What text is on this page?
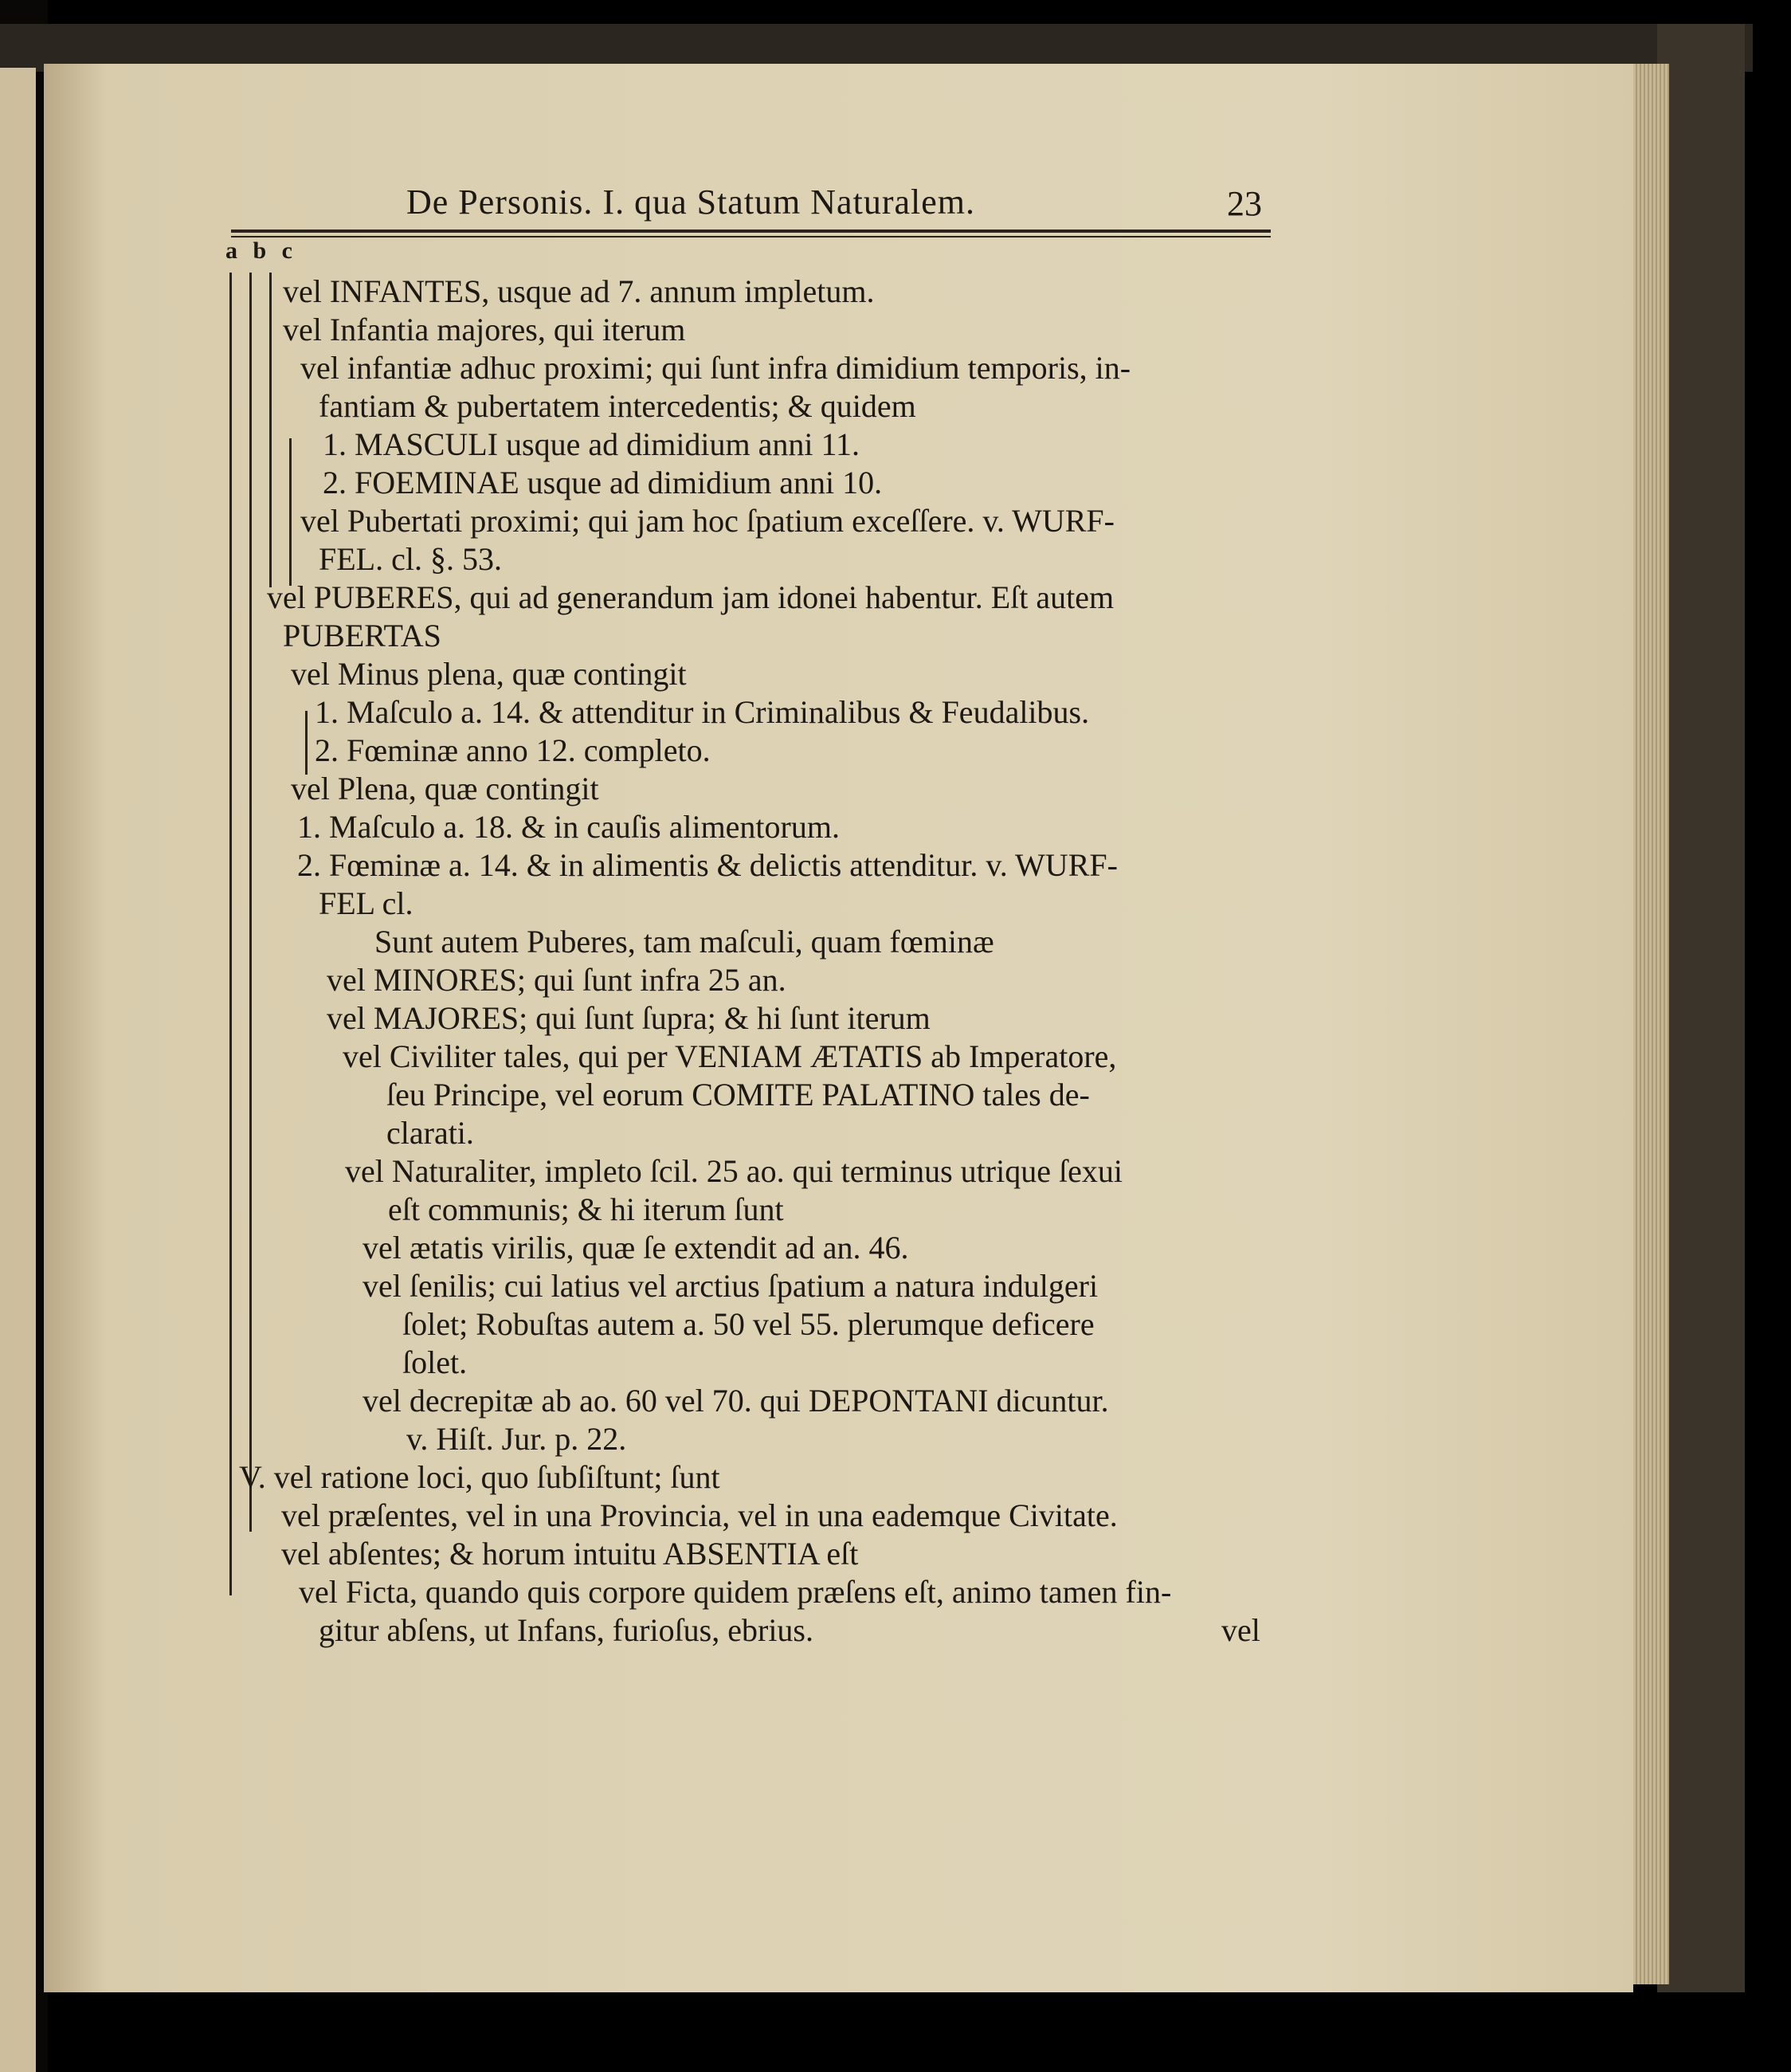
De Personis. I. qua Statum Naturalem.	23
a b c
vel INFANTES, usque ad 7. annum impletum.
vel Infantia majores, qui iterum
vel infantiæ adhuc proximi; qui ſunt infra dimidium temporis, in-
fantiam & pubertatem intercedentis; & quidem
1. MASCULI usque ad dimidium anni 11.
2. FOEMINAE usque ad dimidium anni 10.
vel Pubertati proximi; qui jam hoc ſpatium exceſſere. v. WURF-
FEL. cl. §. 53.
vel PUBERES, qui ad generandum jam idonei habentur. Eſt autem
PUBERTAS
vel Minus plena, quæ contingit
1. Maſculo a. 14. & attenditur in Criminalibus & Feudalibus.
2. Fœminæ anno 12. completo.
vel Plena, quæ contingit
1. Maſculo a. 18. & in cauſis alimentorum.
2. Fœminæ a. 14. & in alimentis & delictis attenditur. v. WURF-
FEL cl.
Sunt autem Puberes, tam maſculi, quam fœminæ
vel MINORES; qui ſunt infra 25 an.
vel MAJORES; qui ſunt ſupra; & hi ſunt iterum
vel Civiliter tales, qui per VENIAM ÆTATIS ab Imperatore,
ſeu Principe, vel eorum COMITE PALATINO tales de-
clarati.
vel Naturaliter, impleto ſcil. 25 ao. qui terminus utrique ſexui
eſt communis; & hi iterum ſunt
vel ætatis virilis, quæ ſe extendit ad an. 46.
vel ſenilis; cui latius vel arctius ſpatium a natura indulgeri
ſolet; Robuſtas autem a. 50 vel 55. plerumque deficere
ſolet.
vel decrepitæ ab ao. 60 vel 70. qui DEPONTANI dicuntur.
v. Hiſt. Jur. p. 22.
V. vel ratione loci, quo ſubſiſtunt; ſunt
vel præſentes, vel in una Provincia, vel in una eademque Civitate.
vel abſentes; & horum intuitu ABSENTIA eſt
vel Ficta, quando quis corpore quidem præſens eſt, animo tamen fin-
gitur abſens, ut Infans, furioſus, ebrius.	vel
